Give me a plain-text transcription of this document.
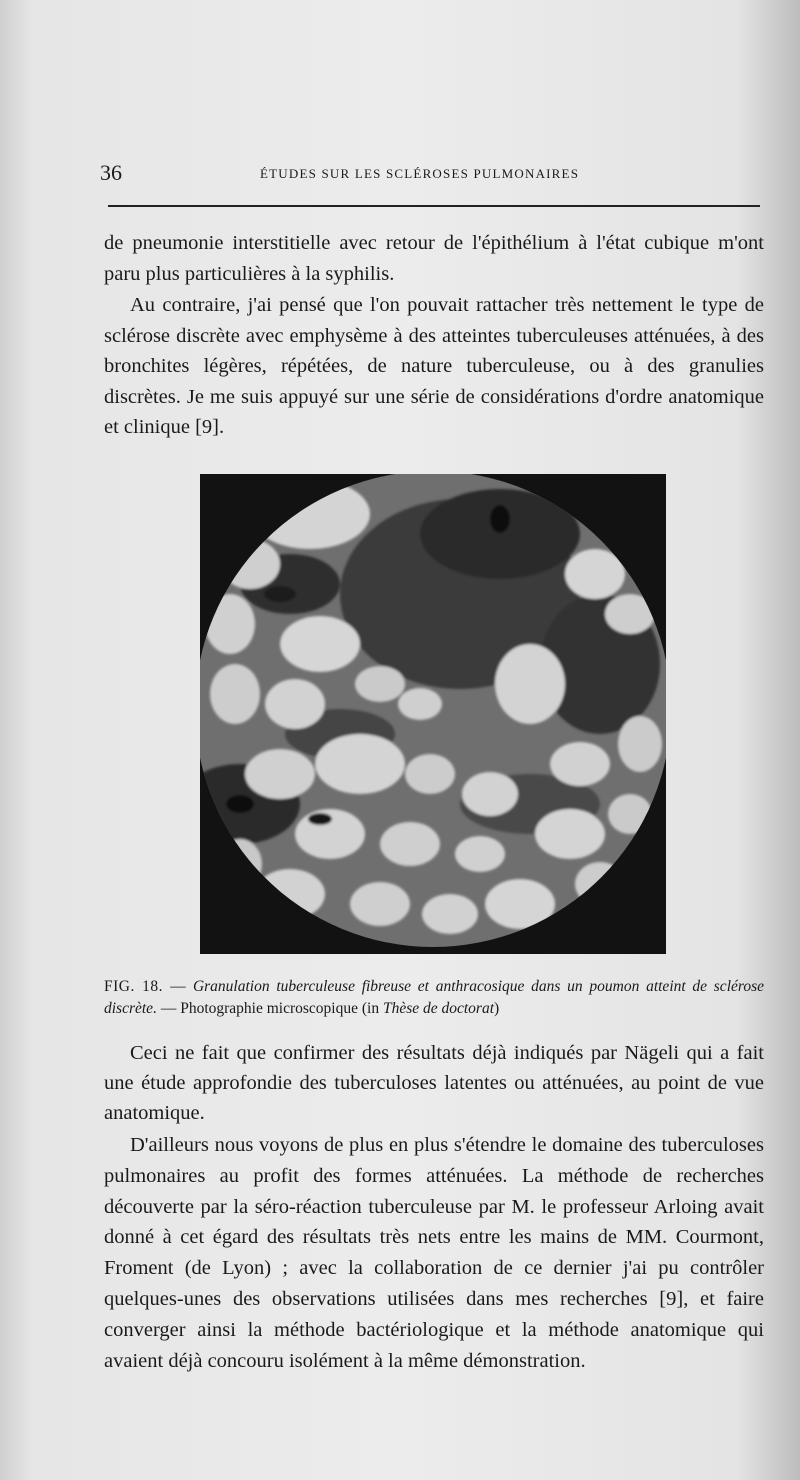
36	ÉTUDES SUR LES SCLÉROSES PULMONAIRES

de pneumonie interstitielle avec retour de l'épithélium à l'état cubique m'ont paru plus particulières à la syphilis.

Au contraire, j'ai pensé que l'on pouvait rattacher très nettement le type de sclérose discrète avec emphysème à des atteintes tuberculeuses atténuées, à des bronchites légères, répétées, de nature tuberculeuse, ou à des granulies discrètes. Je me suis appuyé sur une série de considérations d'ordre anatomique et clinique [9].

FIG. 18. — Granulation tuberculeuse fibreuse et anthracosique dans un poumon atteint de sclérose discrète. — Photographie microscopique (in Thèse de doctorat)

Ceci ne fait que confirmer des résultats déjà indiqués par Nägeli qui a fait une étude approfondie des tuberculoses latentes ou atténuées, au point de vue anatomique.

D'ailleurs nous voyons de plus en plus s'étendre le domaine des tuberculoses pulmonaires au profit des formes atténuées. La méthode de recherches découverte par la séro-réaction tuberculeuse par M. le professeur Arloing avait donné à cet égard des résultats très nets entre les mains de MM. Courmont, Froment (de Lyon) ; avec la collaboration de ce dernier j'ai pu contrôler quelques-unes des observations utilisées dans mes recherches [9], et faire converger ainsi la méthode bactériologique et la méthode anatomique qui avaient déjà concouru isolément à la même démonstration.
